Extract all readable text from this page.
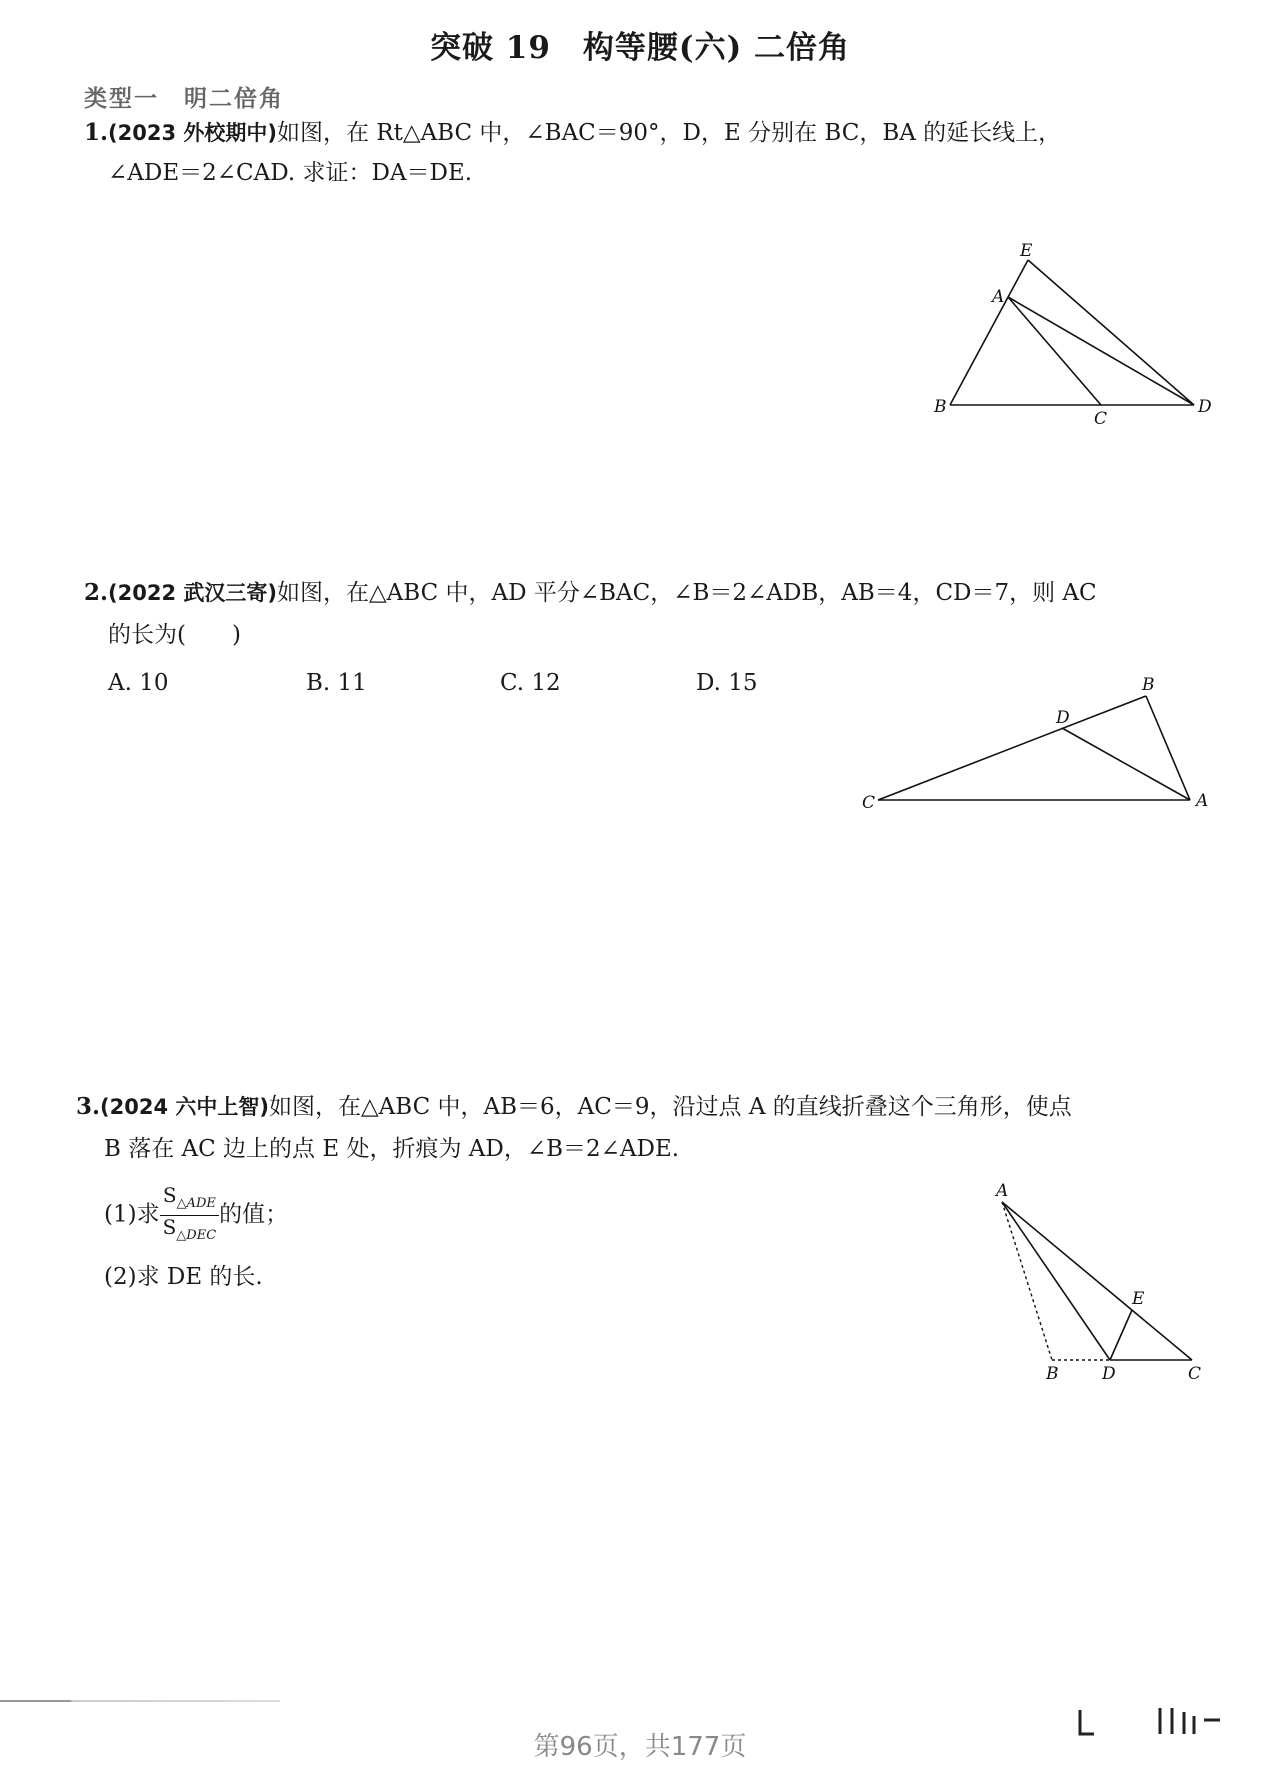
突破 19　构等腰(六) 二倍角
类型一　明二倍角
1.(2023 外校期中)如图，在 Rt△ABC 中，∠BAC＝90°，D，E 分别在 BC，BA 的延长线上，
∠ADE＝2∠CAD. 求证：DA＝DE.
E
A
B
C
D
2.(2022 武汉三寄)如图，在△ABC 中，AD 平分∠BAC，∠B＝2∠ADB，AB＝4，CD＝7，则 AC
的长为(　　)
A. 10	B. 11	C. 12	D. 15	B
D
C	A
3.(2024 六中上智)如图，在△ABC 中，AB＝6，AC＝9，沿过点 A 的直线折叠这个三角形，使点
B 落在 AC 边上的点 E 处，折痕为 AD，∠B＝2∠ADE.
(1)求 $\frac{S_{\triangle ADE}}{S_{\triangle DEC}}$ 的值；
(2)求 DE 的长.
A
E
B	D	C
第96页，共177页
